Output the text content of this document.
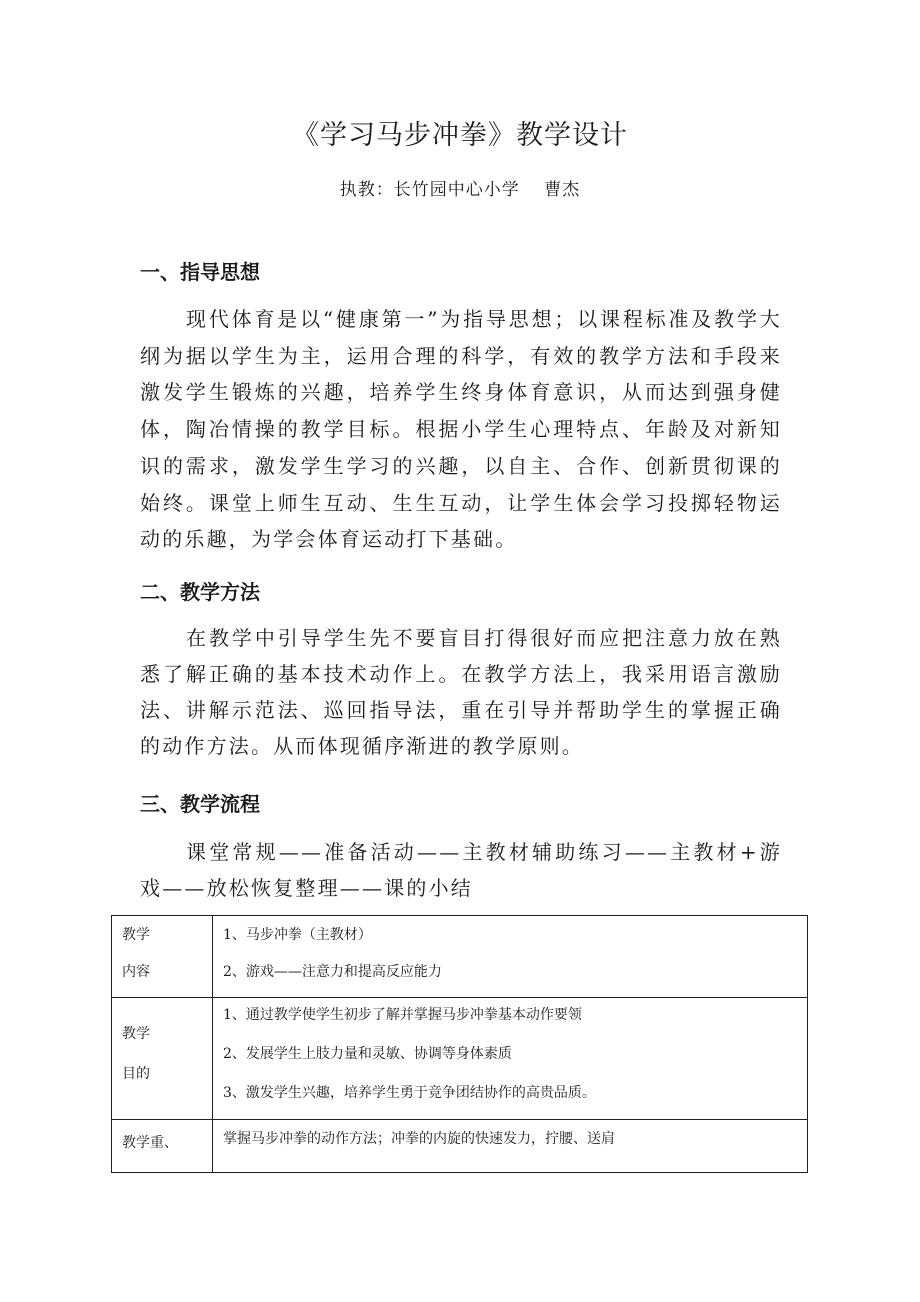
《学习马步冲拳》教学设计
执教：长竹园中心小学　 曹杰
一、指导思想

现代体育是以“健康第一”为指导思想；以课程标准及教学大纲为据以学生为主，运用合理的科学，有效的教学方法和手段来激发学生锻炼的兴趣，培养学生终身体育意识，从而达到强身健体，陶冶情操的教学目标。根据小学生心理特点、年龄及对新知识的需求，激发学生学习的兴趣，以自主、合作、创新贯彻课的始终。课堂上师生互动、生生互动，让学生体会学习投掷轻物运动的乐趣，为学会体育运动打下基础。

二、教学方法

在教学中引导学生先不要盲目打得很好而应把注意力放在熟悉了解正确的基本技术动作上。在教学方法上，我采用语言激励法、讲解示范法、巡回指导法，重在引导并帮助学生的掌握正确的动作方法。从而体现循序渐进的教学原则。

三、教学流程

课堂常规——准备活动——主教材辅助练习——主教材+游戏——放松恢复整理——课的小结

教学
内容	1、马步冲拳（主教材）
2、游戏——注意力和提高反应能力

教学
目的	1、通过教学使学生初步了解并掌握马步冲拳基本动作要领
2、发展学生上肢力量和灵敏、协调等身体素质
3、激发学生兴趣，培养学生勇于竞争团结协作的高贵品质。

教学重、	掌握马步冲拳的动作方法；冲拳的内旋的快速发力，拧腰、送肩
